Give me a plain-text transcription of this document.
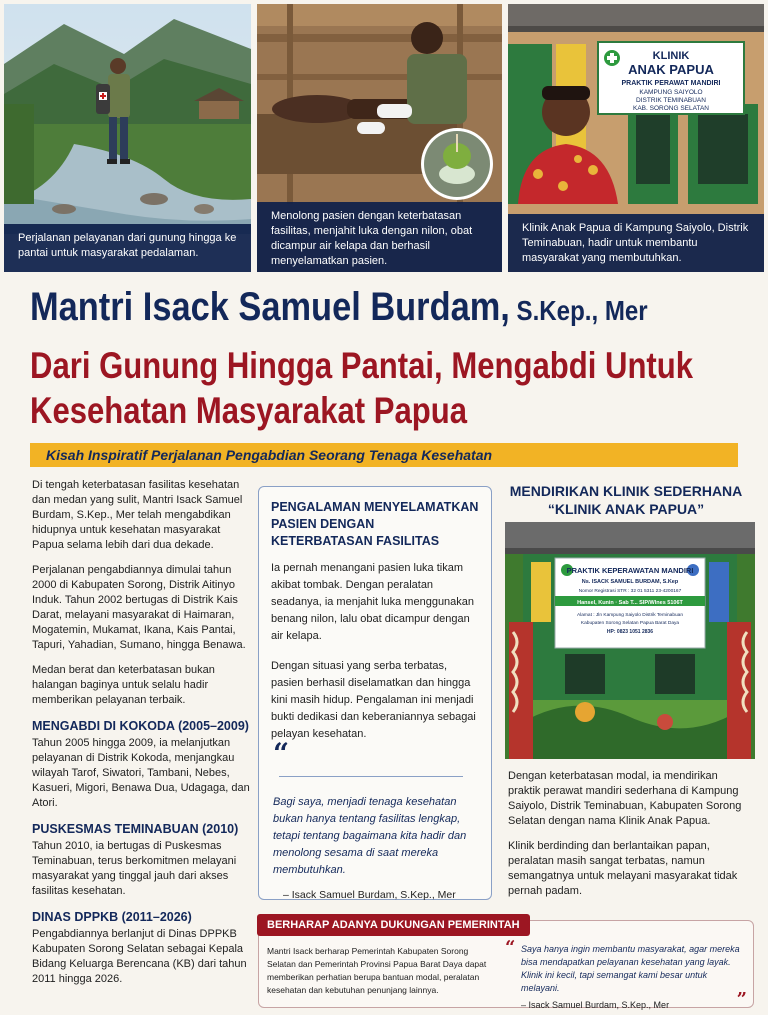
Perjalanan pelayanan dari gunung hingga ke pantai untuk masyarakat pedalaman.
Menolong pasien dengan keterbatasan fasilitas, menjahit luka dengan nilon, obat dicampur air kelapa dan berhasil menyelamatkan pasien.
KLINIK
ANAK PAPUA
PRAKTIK PERAWAT MANDIRI
KAMPUNG SAIYOLO
DISTRIK TEMINABUAN
KAB. SORONG SELATAN
Klinik Anak Papua di Kampung Saiyolo, Distrik Teminabuan, hadir untuk membantu masyarakat yang membutuhkan.
Mantri Isack Samuel Burdam, S.Kep., Mer
Dari Gunung Hingga Pantai, Mengabdi Untuk Kesehatan Masyarakat Papua
Kisah Inspiratif Perjalanan Pengabdian Seorang Tenaga Kesehatan

Di tengah keterbatasan fasilitas kesehatan dan medan yang sulit, Mantri Isack Samuel Burdam, S.Kep., Mer telah mengabdikan hidupnya untuk kesehatan masyarakat Papua selama lebih dari dua dekade.

Perjalanan pengabdiannya dimulai tahun 2000 di Kabupaten Sorong, Distrik Aitinyo Induk. Tahun 2002 bertugas di Distrik Kais Darat, melayani masyarakat di Haimaran, Mogatemin, Mukamat, Ikana, Kais Pantai, Tapuri, Yahadian, Sumano, hingga Benawa.

Medan berat dan keterbatasan bukan halangan baginya untuk selalu hadir memberikan pelayanan terbaik.

MENGABDI DI KOKODA (2005–2009)

Tahun 2005 hingga 2009, ia melanjutkan pelayanan di Distrik Kokoda, menjangkau wilayah Tarof, Siwatori, Tambani, Nebes, Kasueri, Migori, Benawa Dua, Udagaga, dan Atori.

PUSKESMAS TEMINABUAN (2010)

Tahun 2010, ia bertugas di Puskesmas Teminabuan, terus berkomitmen melayani masyarakat yang tinggal jauh dari akses fasilitas kesehatan.

DINAS DPPKB (2011–2026)

Pengabdiannya berlanjut di Dinas DPPKB Kabupaten Sorong Selatan sebagai Kepala Bidang Keluarga Berencana (KB) dari tahun 2011 hingga 2026.

PENGALAMAN MENYELAMATKAN PASIEN DENGAN KETERBATASAN FASILITAS

Ia pernah menangani pasien luka tikam akibat tombak. Dengan peralatan seadanya, ia menjahit luka menggunakan benang nilon, lalu obat dicampur dengan air kelapa.

Dengan situasi yang serba terbatas, pasien berhasil diselamatkan dan hingga kini masih hidup. Pengalaman ini menjadi bukti dedikasi dan keberaniannya sebagai pelayan kesehatan.

“
Bagi saya, menjadi tenaga kesehatan bukan hanya tentang fasilitas lengkap, tetapi tentang bagaimana kita hadir dan menolong sesama di saat mereka membutuhkan.
– Isack Samuel Burdam, S.Kep., Mer
MENDIRIKAN KLINIK SEDERHANA
“KLINIK ANAK PAPUA”
PRAKTIK KEPERAWATAN MANDIRI
Ns. ISACK SAMUEL BURDAM, S.Kep
Nomor Registrasi STR : 32 01 5311 23-4200167
Hansel, Kunin · Sab T... SIP/Wlnes 5106T
Alamat : Jln Kampung Saiyolo Distrik Teminabuan
Kabupaten Sorong Selatan Papua Barat Daya
HP: 0823 1051 2836

Dengan keterbatasan modal, ia mendirikan praktik perawat mandiri sederhana di Kampung Saiyolo, Distrik Teminabuan, Kabupaten Sorong Selatan dengan nama Klinik Anak Papua.

Klinik berdinding dan berlantaikan papan, peralatan masih sangat terbatas, namun semangatnya untuk melayani masyarakat tidak pernah padam.

BERHARAP ADANYA DUKUNGAN PEMERINTAH
Mantri Isack berharap Pemerintah Kabupaten Sorong Selatan dan Pemerintah Provinsi Papua Barat Daya dapat memberikan perhatian berupa bantuan modal, peralatan kesehatan dan kebutuhan penunjang lainnya.
“ Saya hanya ingin membantu masyarakat, agar mereka bisa mendapatkan pelayanan kesehatan yang layak. Klinik ini kecil, tapi semangat kami besar untuk melayani.
– Isack Samuel Burdam, S.Kep., Mer	”
